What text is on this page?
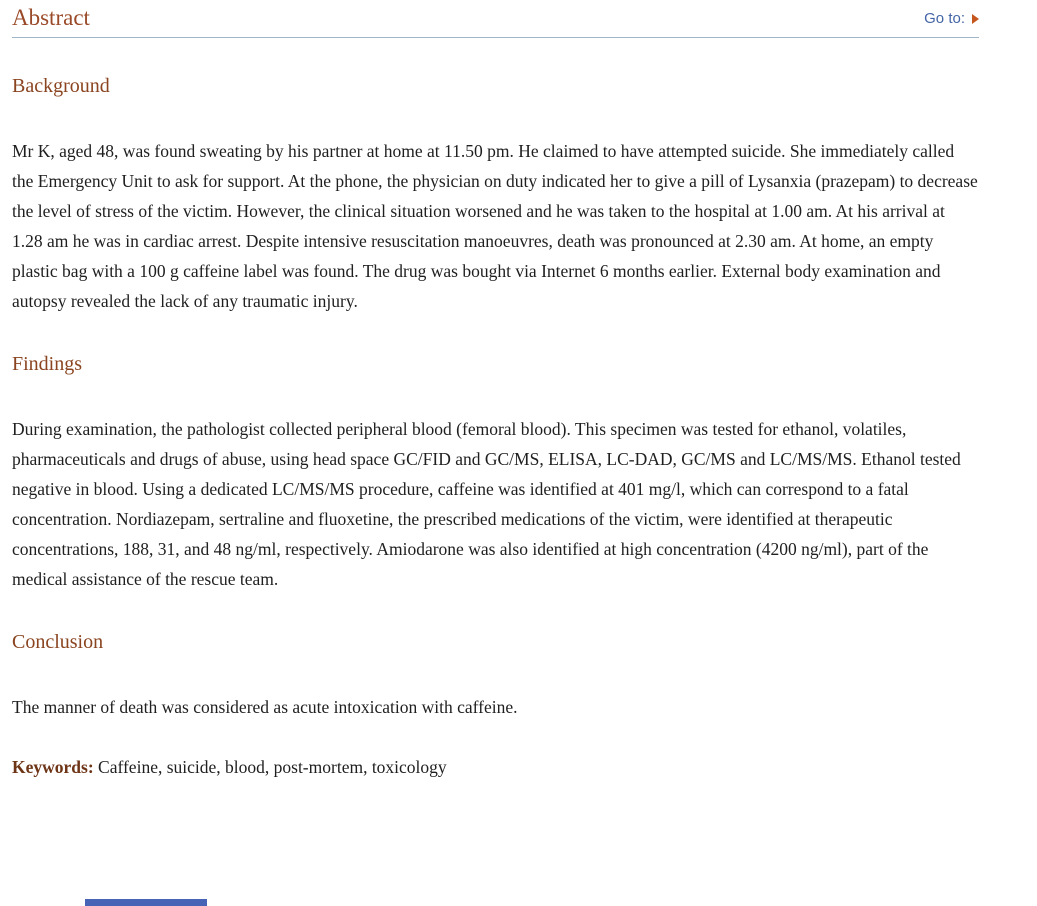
Abstract	Go to:
Background

Mr K, aged 48, was found sweating by his partner at home at 11.50 pm. He claimed to have attempted suicide. She immediately called the Emergency Unit to ask for support. At the phone, the physician on duty indicated her to give a pill of Lysanxia (prazepam) to decrease the level of stress of the victim. However, the clinical situation worsened and he was taken to the hospital at 1.00 am. At his arrival at 1.28 am he was in cardiac arrest. Despite intensive resuscitation manoeuvres, death was pronounced at 2.30 am. At home, an empty plastic bag with a 100 g caffeine label was found. The drug was bought via Internet 6 months earlier. External body examination and autopsy revealed the lack of any traumatic injury.

Findings

During examination, the pathologist collected peripheral blood (femoral blood). This specimen was tested for ethanol, volatiles, pharmaceuticals and drugs of abuse, using head space GC/FID and GC/MS, ELISA, LC-DAD, GC/MS and LC/MS/MS. Ethanol tested negative in blood. Using a dedicated LC/MS/MS procedure, caffeine was identified at 401 mg/l, which can correspond to a fatal concentration. Nordiazepam, sertraline and fluoxetine, the prescribed medications of the victim, were identified at therapeutic concentrations, 188, 31, and 48 ng/ml, respectively. Amiodarone was also identified at high concentration (4200 ng/ml), part of the medical assistance of the rescue team.

Conclusion

The manner of death was considered as acute intoxication with caffeine.

Keywords: Caffeine, suicide, blood, post-mortem, toxicology
